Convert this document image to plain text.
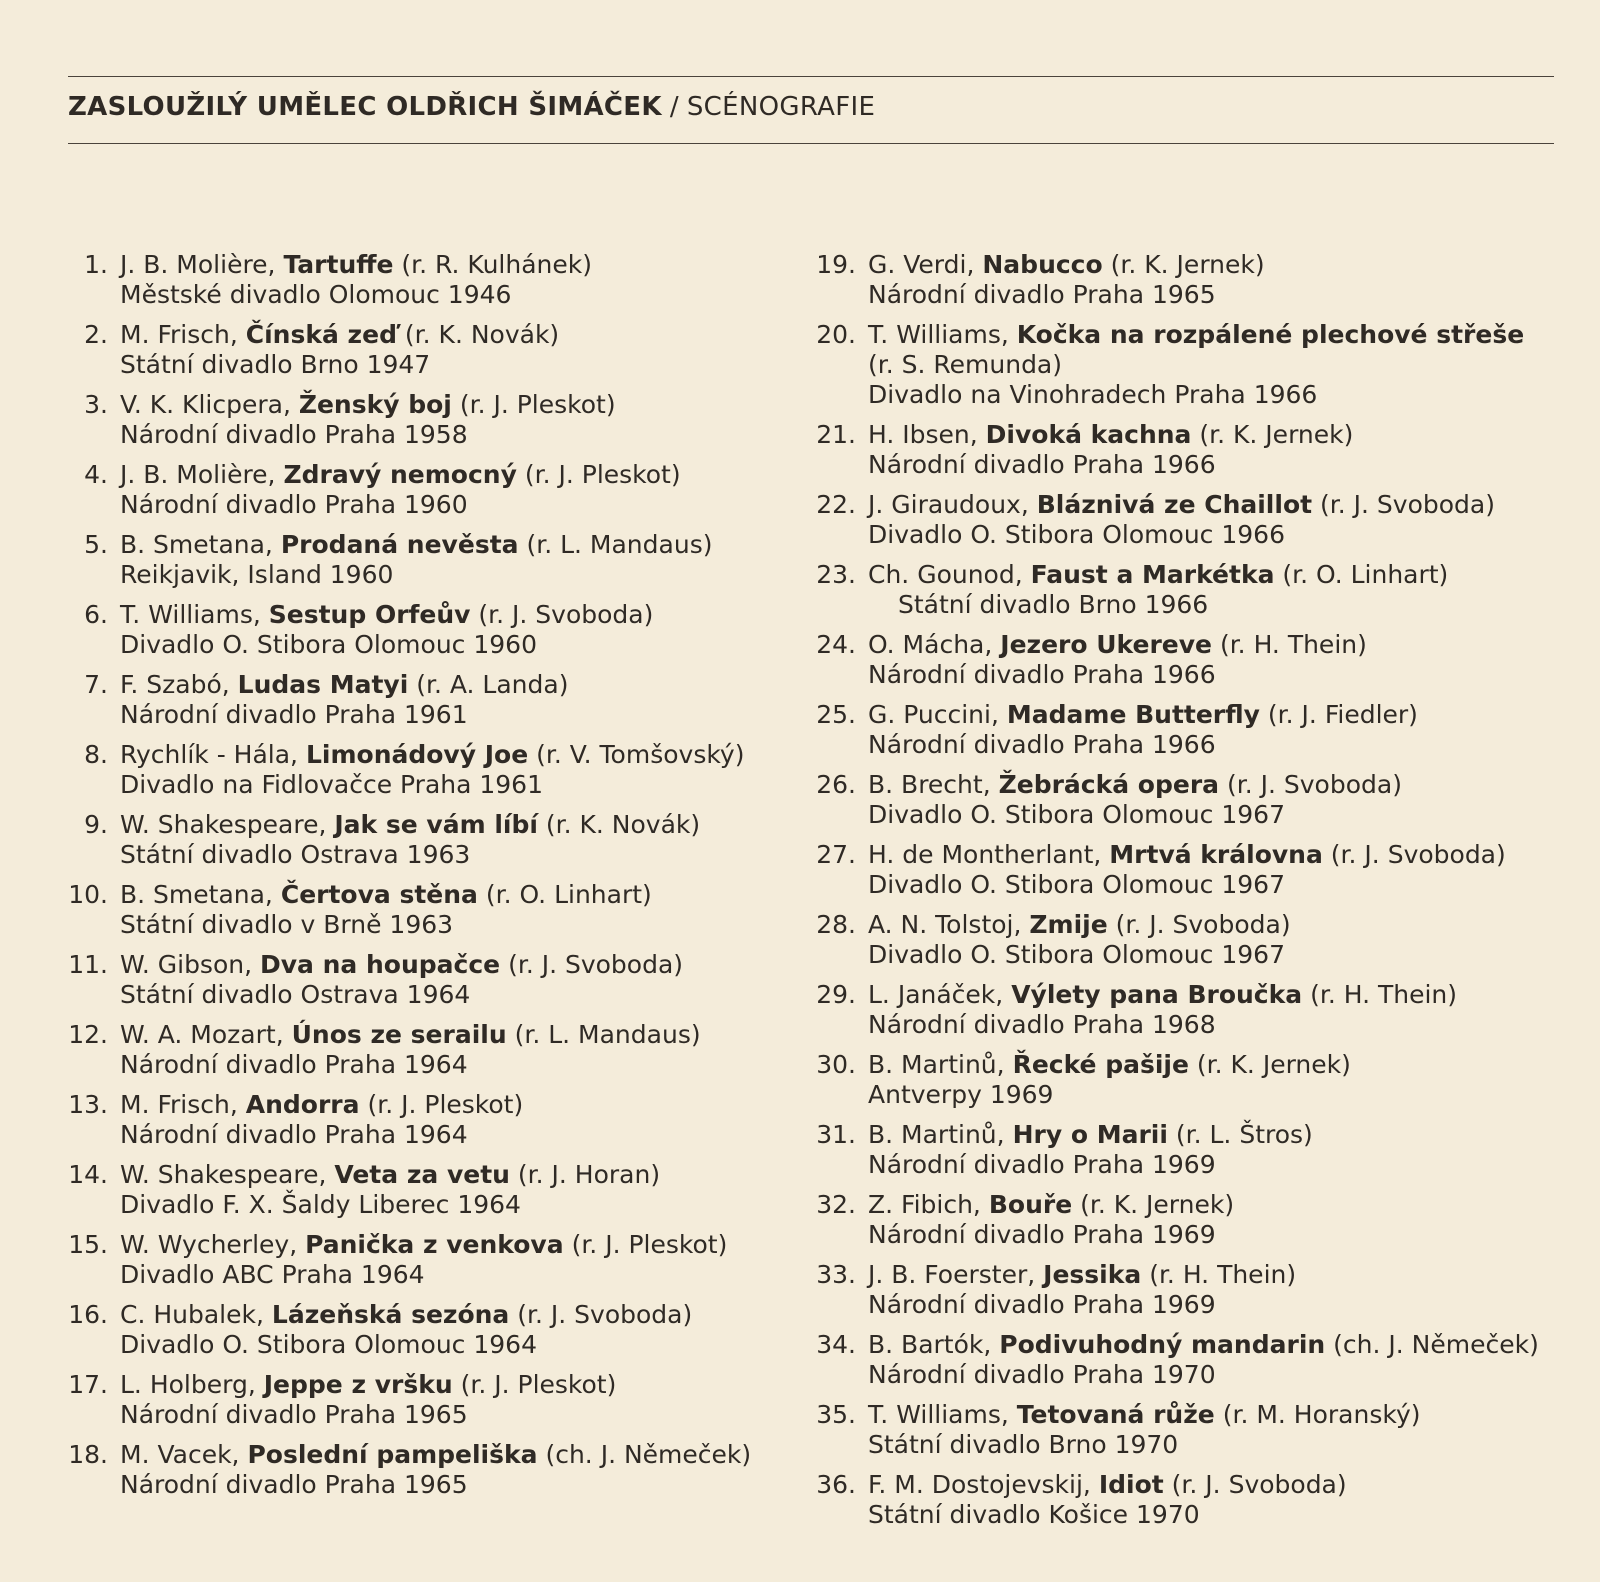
ZASLOUŽILÝ UMĚLEC OLDŘICH ŠIMÁČEK / SCÉNOGRAFIE
1. J. B. Molière, Tartuffe (r. R. Kulhánek)
Městské divadlo Olomouc 1946
2. M. Frisch, Čínská zeď (r. K. Novák)
Státní divadlo Brno 1947
3. V. K. Klicpera, Ženský boj (r. J. Pleskot)
Národní divadlo Praha 1958
4. J. B. Molière, Zdravý nemocný (r. J. Pleskot)
Národní divadlo Praha 1960
5. B. Smetana, Prodaná nevěsta (r. L. Mandaus)
Reikjavik, Island 1960
6. T. Williams, Sestup Orfeův (r. J. Svoboda)
Divadlo O. Stibora Olomouc 1960
7. F. Szabó, Ludas Matyi (r. A. Landa)
Národní divadlo Praha 1961
8. Rychlík - Hála, Limonádový Joe (r. V. Tomšovský)
Divadlo na Fidlovačce Praha 1961
9. W. Shakespeare, Jak se vám líbí (r. K. Novák)
Státní divadlo Ostrava 1963
10. B. Smetana, Čertova stěna (r. O. Linhart)
Státní divadlo v Brně 1963
11. W. Gibson, Dva na houpačce (r. J. Svoboda)
Státní divadlo Ostrava 1964
12. W. A. Mozart, Únos ze serailu (r. L. Mandaus)
Národní divadlo Praha 1964
13. M. Frisch, Andorra (r. J. Pleskot)
Národní divadlo Praha 1964
14. W. Shakespeare, Veta za vetu (r. J. Horan)
Divadlo F. X. Šaldy Liberec 1964
15. W. Wycherley, Panička z venkova (r. J. Pleskot)
Divadlo ABC Praha 1964
16. C. Hubalek, Lázeňská sezóna (r. J. Svoboda)
Divadlo O. Stibora Olomouc 1964
17. L. Holberg, Jeppe z vršku (r. J. Pleskot)
Národní divadlo Praha 1965
18. M. Vacek, Poslední pampeliška (ch. J. Němeček)
Národní divadlo Praha 1965
19. G. Verdi, Nabucco (r. K. Jernek)
Národní divadlo Praha 1965
20. T. Williams, Kočka na rozpálené plechové střeše
(r. S. Remunda)
Divadlo na Vinohradech Praha 1966
21. H. Ibsen, Divoká kachna (r. K. Jernek)
Národní divadlo Praha 1966
22. J. Giraudoux, Bláznivá ze Chaillot (r. J. Svoboda)
Divadlo O. Stibora Olomouc 1966
23. Ch. Gounod, Faust a Markétka (r. O. Linhart)
Státní divadlo Brno 1966
24. O. Mácha, Jezero Ukereve (r. H. Thein)
Národní divadlo Praha 1966
25. G. Puccini, Madame Butterfly (r. J. Fiedler)
Národní divadlo Praha 1966
26. B. Brecht, Žebrácká opera (r. J. Svoboda)
Divadlo O. Stibora Olomouc 1967
27. H. de Montherlant, Mrtvá královna (r. J. Svoboda)
Divadlo O. Stibora Olomouc 1967
28. A. N. Tolstoj, Zmije (r. J. Svoboda)
Divadlo O. Stibora Olomouc 1967
29. L. Janáček, Výlety pana Broučka (r. H. Thein)
Národní divadlo Praha 1968
30. B. Martinů, Řecké pašije (r. K. Jernek)
Antverpy 1969
31. B. Martinů, Hry o Marii (r. L. Štros)
Národní divadlo Praha 1969
32. Z. Fibich, Bouře (r. K. Jernek)
Národní divadlo Praha 1969
33. J. B. Foerster, Jessika (r. H. Thein)
Národní divadlo Praha 1969
34. B. Bartók, Podivuhodný mandarin (ch. J. Němeček)
Národní divadlo Praha 1970
35. T. Williams, Tetovaná růže (r. M. Horanský)
Státní divadlo Brno 1970
36. F. M. Dostojevskij, Idiot (r. J. Svoboda)
Státní divadlo Košice 1970
